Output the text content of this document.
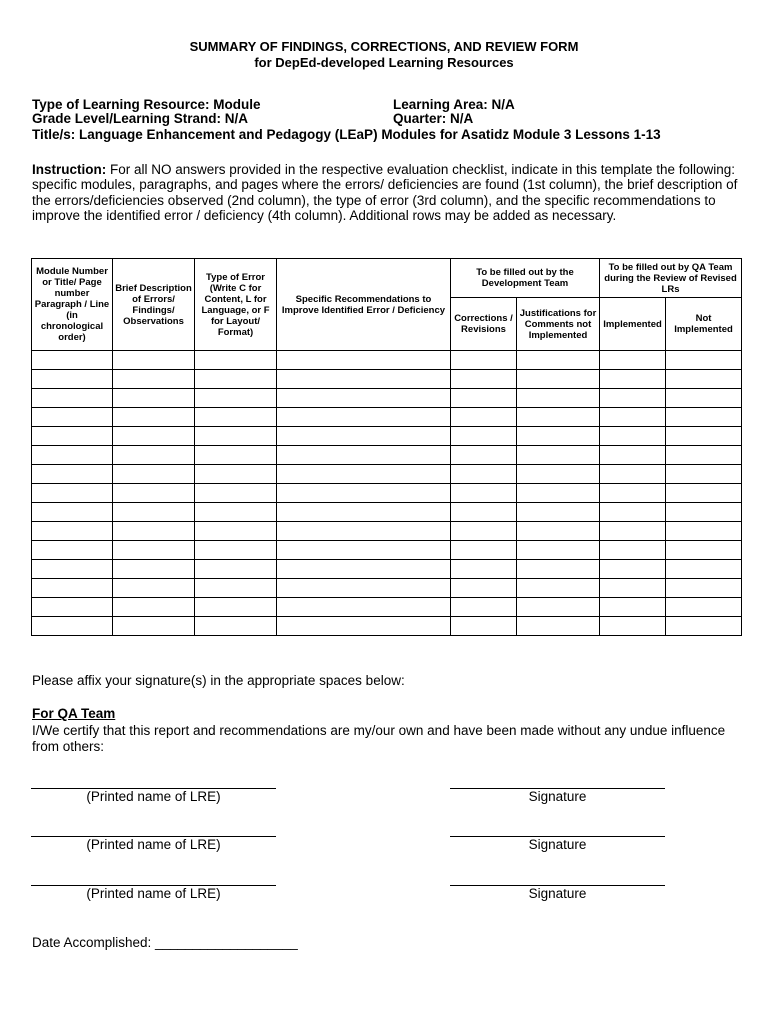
SUMMARY OF FINDINGS, CORRECTIONS, AND REVIEW FORM
for DepEd-developed Learning Resources
Type of Learning Resource: Module	Learning Area: N/A
Grade Level/Learning Strand: N/A	Quarter: N/A
Title/s: Language Enhancement and Pedagogy (LEaP) Modules for Asatidz Module 3 Lessons 1-13
Instruction: For all NO answers provided in the respective evaluation checklist, indicate in this template the following: specific modules, paragraphs, and pages where the errors/ deficiencies are found (1st column), the brief description of the errors/deficiencies observed (2nd column), the type of error (3rd column), and the specific recommendations to improve the identified error / deficiency (4th column). Additional rows may be added as necessary.
Module Number or Title/ Page number Paragraph / Line (in chronological order)	Brief Description of Errors/ Findings/ Observations	Type of Error (Write C for Content, L for Language, or F for Layout/ Format)	Specific Recommendations to Improve Identified Error / Deficiency	To be filled out by the Development Team		To be filled out by QA Team during the Review of Revised LRs	
				Corrections / Revisions	Justifications for Comments not Implemented	Implemented	Not Implemented

Please affix your signature(s) in the appropriate spaces below:
For QA Team
I/We certify that this report and recommendations are my/our own and have been made without any undue influence from others:
(Printed name of LRE)	Signature
(Printed name of LRE)	Signature
(Printed name of LRE)	Signature
Date Accomplished: ___________________
